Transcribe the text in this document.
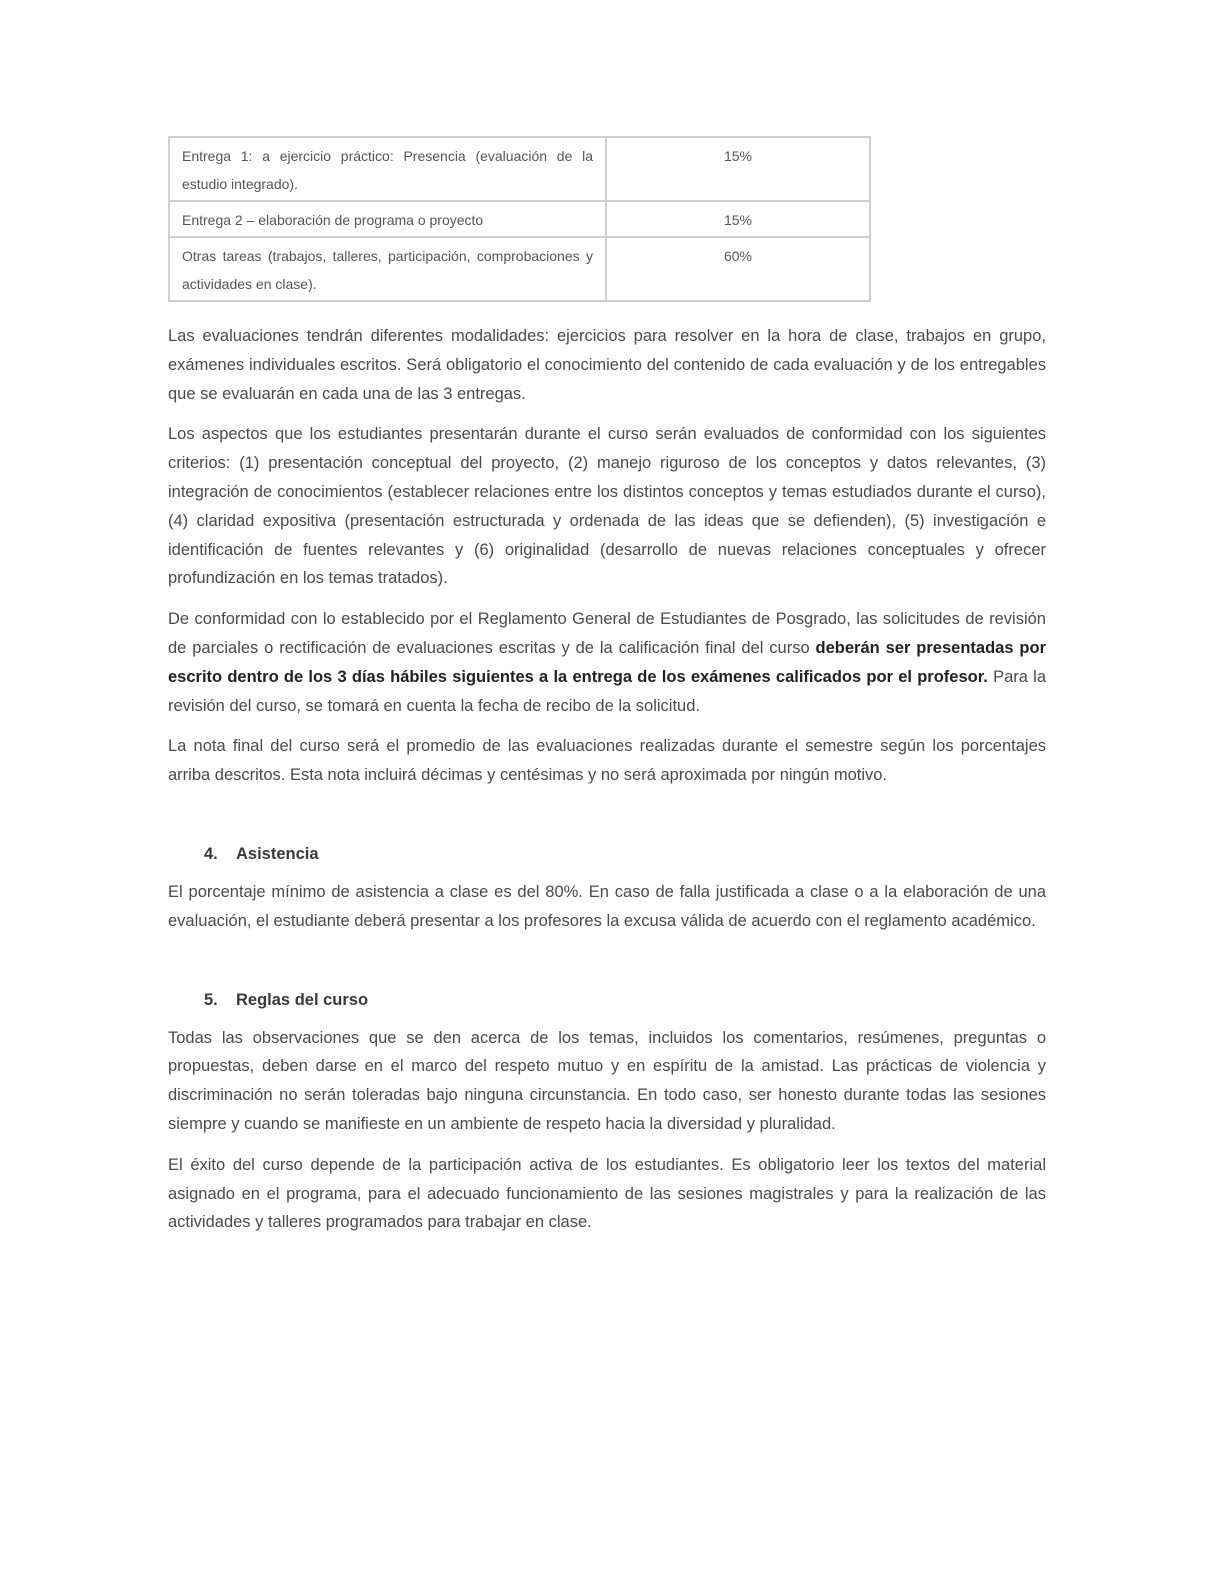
Entrega 1: a ejercicio práctico: Presencia (evaluación de la estudio integrado).	15%
Entrega 2 – elaboración de programa o proyecto	15%
Otras tareas (trabajos, talleres, participación, comprobaciones y actividades en clase).	60%

Las evaluaciones tendrán diferentes modalidades: ejercicios para resolver en la hora de clase, trabajos en grupo, exámenes individuales escritos. Será obligatorio el conocimiento del contenido de cada evaluación y de los entregables que se evaluarán en cada una de las 3 entregas.

Los aspectos que los estudiantes presentarán durante el curso serán evaluados de conformidad con los siguientes criterios: (1) presentación conceptual del proyecto, (2) manejo riguroso de los conceptos y datos relevantes, (3) integración de conocimientos (establecer relaciones entre los distintos conceptos y temas estudiados durante el curso), (4) claridad expositiva (presentación estructurada y ordenada de las ideas que se defienden), (5) investigación e identificación de fuentes relevantes y (6) originalidad (desarrollo de nuevas relaciones conceptuales y ofrecer profundización en los temas tratados).

De conformidad con lo establecido por el Reglamento General de Estudiantes de Posgrado, las solicitudes de revisión de parciales o rectificación de evaluaciones escritas y de la calificación final del curso deberán ser presentadas por escrito dentro de los 3 días hábiles siguientes a la entrega de los exámenes calificados por el profesor. Para la revisión del curso, se tomará en cuenta la fecha de recibo de la solicitud.

La nota final del curso será el promedio de las evaluaciones realizadas durante el semestre según los porcentajes arriba descritos. Esta nota incluirá décimas y centésimas y no será aproximada por ningún motivo.

4. Asistencia

El porcentaje mínimo de asistencia a clase es del 80%. En caso de falla justificada a clase o a la elaboración de una evaluación, el estudiante deberá presentar a los profesores la excusa válida de acuerdo con el reglamento académico.

5. Reglas del curso

Todas las observaciones que se den acerca de los temas, incluidos los comentarios, resúmenes, preguntas o propuestas, deben darse en el marco del respeto mutuo y en espíritu de la amistad. Las prácticas de violencia y discriminación no serán toleradas bajo ninguna circunstancia. En todo caso, ser honesto durante todas las sesiones siempre y cuando se manifieste en un ambiente de respeto hacia la diversidad y pluralidad.

El éxito del curso depende de la participación activa de los estudiantes. Es obligatorio leer los textos del material asignado en el programa, para el adecuado funcionamiento de las sesiones magistrales y para la realización de las actividades y talleres programados para trabajar en clase.
